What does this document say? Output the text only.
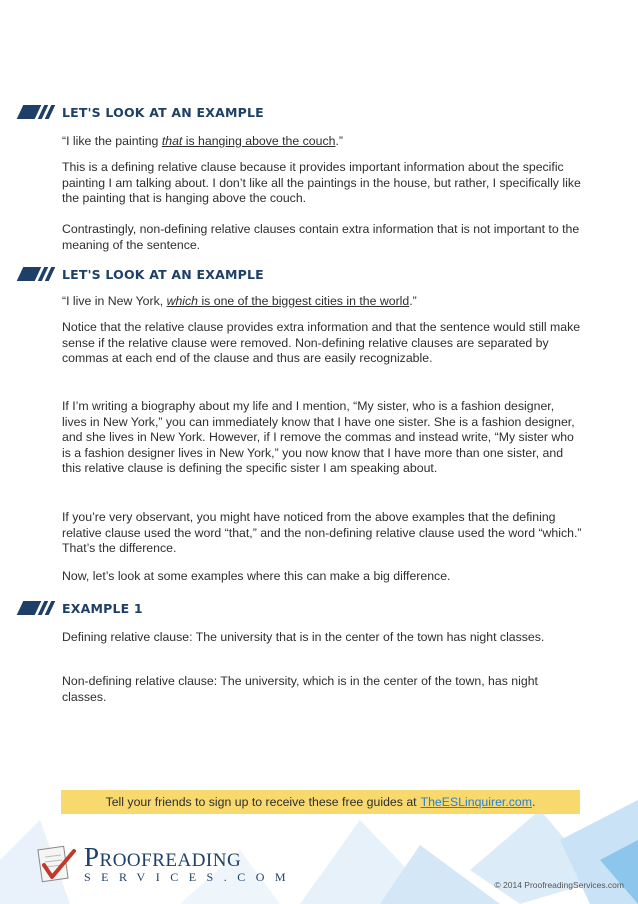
LET'S LOOK AT AN EXAMPLE

“I like the painting that is hanging above the couch.”

This is a defining relative clause because it provides important information about the specific painting I am talking about. I don’t like all the paintings in the house, but rather, I specifically like the painting that is hanging above the couch.

Contrastingly, non-defining relative clauses contain extra information that is not important to the meaning of the sentence.

LET'S LOOK AT AN EXAMPLE

“I live in New York, which is one of the biggest cities in the world.”

Notice that the relative clause provides extra information and that the sentence would still make sense if the relative clause were removed. Non-defining relative clauses are separated by commas at each end of the clause and thus are easily recognizable.

If I’m writing a biography about my life and I mention, “My sister, who is a fashion designer, lives in New York,” you can immediately know that I have one sister. She is a fashion designer, and she lives in New York. However, if I remove the commas and instead write, “My sister who is a fashion designer lives in New York,” you now know that I have more than one sister, and this relative clause is defining the specific sister I am speaking about.

If you’re very observant, you might have noticed from the above examples that the defining relative clause used the word “that,” and the non-defining relative clause used the word “which.” That’s the difference.

Now, let’s look at some examples where this can make a big difference.

EXAMPLE 1

Defining relative clause: The university that is in the center of the town has night classes.

Non-defining relative clause: The university, which is in the center of the town, has night classes.

Tell your friends to sign up to receive these free guides at TheESLinquirer.com .
Proofreading
SERVICES.COM
© 2014 ProofreadingServices.com
